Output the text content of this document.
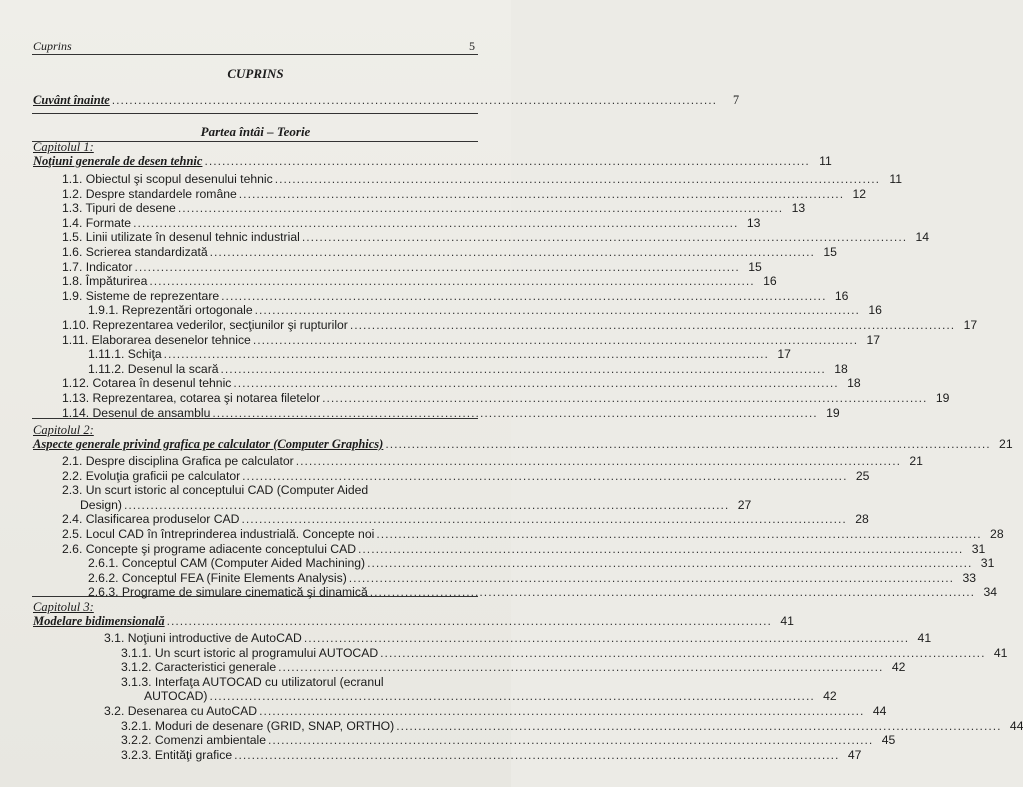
Cuprins	5
CUPRINS
Cuvânt înainte ..........................................................................................................................................	7
Partea întâi – Teorie
Capitolul 1:
Noţiuni generale de desen tehnic .......................................................................................................................................... 11
1.1. Obiectul şi scopul desenului tehnic .......................................................................................................................................... 11
1.2. Despre standardele române .......................................................................................................................................... 12
1.3. Tipuri de desene .......................................................................................................................................... 13
1.4. Formate .......................................................................................................................................... 13
1.5. Linii utilizate în desenul tehnic industrial .......................................................................................................................................... 14
1.6. Scrierea standardizată .......................................................................................................................................... 15
1.7. Indicator .......................................................................................................................................... 15
1.8. Împăturirea .......................................................................................................................................... 16
1.9. Sisteme de reprezentare .......................................................................................................................................... 16
1.9.1. Reprezentări ortogonale .......................................................................................................................................... 16
1.10. Reprezentarea vederilor, secţiunilor şi rupturilor .......................................................................................................................................... 17
1.11. Elaborarea desenelor tehnice .......................................................................................................................................... 17
1.11.1. Schiţa .......................................................................................................................................... 17
1.11.2. Desenul la scară .......................................................................................................................................... 18
1.12. Cotarea în desenul tehnic .......................................................................................................................................... 18
1.13. Reprezentarea, cotarea şi notarea filetelor .......................................................................................................................................... 19
1.14. Desenul de ansamblu .......................................................................................................................................... 19
Capitolul 2:
Aspecte generale privind grafica pe calculator (Computer Graphics) .......................................................................................................................................... 21
2.1. Despre disciplina Grafica pe calculator .......................................................................................................................................... 21
2.2. Evoluţia graficii pe calculator .......................................................................................................................................... 25
2.3. Un scurt istoric al conceptului CAD (Computer Aided
Design) .......................................................................................................................................... 27
2.4. Clasificarea produselor CAD .......................................................................................................................................... 28
2.5. Locul CAD în întreprinderea industrială. Concepte noi .......................................................................................................................................... 28
2.6. Concepte şi programe adiacente conceptului CAD .......................................................................................................................................... 31
2.6.1. Conceptul CAM (Computer Aided Machining) .......................................................................................................................................... 31
2.6.2. Conceptul FEA (Finite Elements Analysis) .......................................................................................................................................... 33
2.6.3. Programe de simulare cinematică şi dinamică .......................................................................................................................................... 34
Capitolul 3:
Modelare bidimensională .......................................................................................................................................... 41
3.1. Noţiuni introductive de AutoCAD .......................................................................................................................................... 41
3.1.1. Un scurt istoric al programului AUTOCAD .......................................................................................................................................... 41
3.1.2. Caracteristici generale .......................................................................................................................................... 42
3.1.3. Interfaţa AUTOCAD cu utilizatorul (ecranul
AUTOCAD) .......................................................................................................................................... 42
3.2. Desenarea cu AutoCAD .......................................................................................................................................... 44
3.2.1. Moduri de desenare (GRID, SNAP, ORTHO) .......................................................................................................................................... 44
3.2.2. Comenzi ambientale .......................................................................................................................................... 45
3.2.3. Entităţi grafice .......................................................................................................................................... 47
